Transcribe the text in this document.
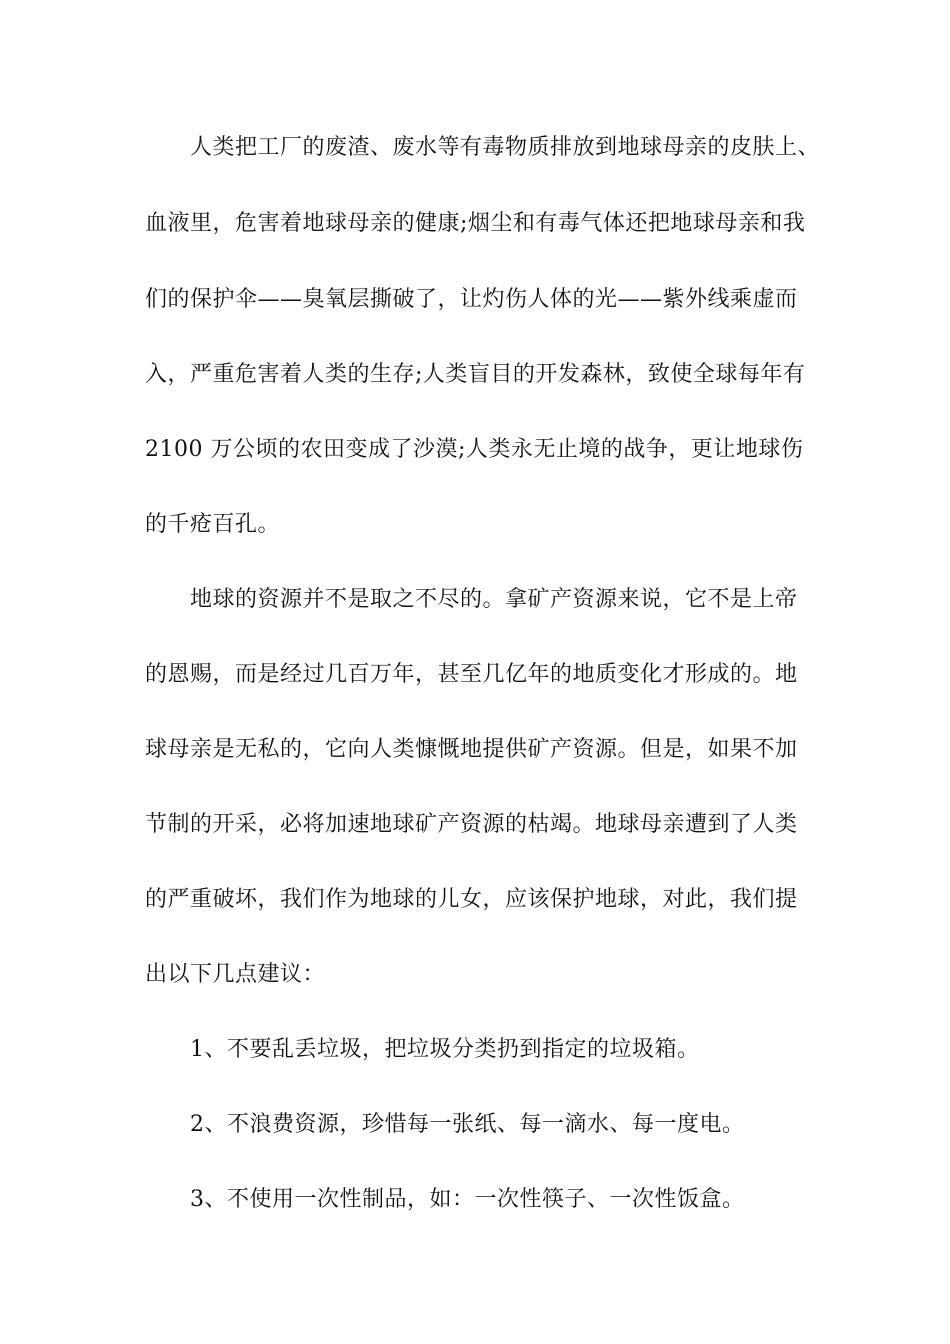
人类把工厂的废渣、废水等有毒物质排放到地球母亲的皮肤上、
血液里，危害着地球母亲的健康;烟尘和有毒气体还把地球母亲和我
们的保护伞——臭氧层撕破了，让灼伤人体的光——紫外线乘虚而
入，严重危害着人类的生存;人类盲目的开发森林，致使全球每年有
2100 万公顷的农田变成了沙漠;人类永无止境的战争，更让地球伤
的千疮百孔。
地球的资源并不是取之不尽的。拿矿产资源来说，它不是上帝
的恩赐，而是经过几百万年，甚至几亿年的地质变化才形成的。地
球母亲是无私的，它向人类慷慨地提供矿产资源。但是，如果不加
节制的开采，必将加速地球矿产资源的枯竭。地球母亲遭到了人类
的严重破坏，我们作为地球的儿女，应该保护地球，对此，我们提
出以下几点建议：
1、不要乱丢垃圾，把垃圾分类扔到指定的垃圾箱。
2、不浪费资源，珍惜每一张纸、每一滴水、每一度电。
3、不使用一次性制品，如：一次性筷子、一次性饭盒。
